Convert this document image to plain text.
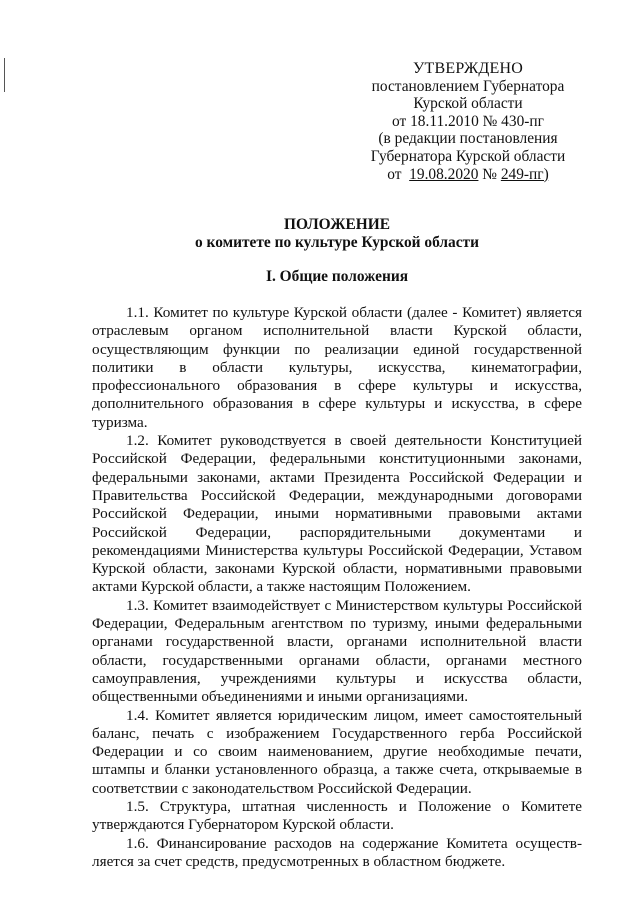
УТВЕРЖДЕНО
постановлением Губернатора
Курской области
от 18.11.2010 № 430-пг
(в редакции постановления
Губернатора Курской области
от 19.08.2020 № 249-пг)
ПОЛОЖЕНИЕ
о комитете по культуре Курской области
I. Общие положения

1.1. Комитет по культуре Курской области (далее - Комитет) является отраслевым органом исполнительной власти Курской области, осуществляющим функции по реализации единой государственной политики в области культуры, искусства, кинематографии, профессионального образования в сфере культуры и искусства, дополнительного образования в сфере культуры и искусства, в сфере туризма.

1.2. Комитет руководствуется в своей деятельности Конституцией Российской Федерации, федеральными конституционными законами, федеральными законами, актами Президента Российской Федерации и Правительства Российской Федерации, международными договорами Российской Федерации, иными нормативными правовыми актами Российской Федерации, распорядительными документами и рекомендациями Министерства культуры Российской Федерации, Уставом Курской области, законами Курской области, нормативными правовыми актами Курской области, а также настоящим Положением.

1.3. Комитет взаимодействует с Министерством культуры Российской Федерации, Федеральным агентством по туризму, иными федеральными органами государственной власти, органами исполнительной власти области, государственными органами области, органами местного самоуправления, учреждениями культуры и искусства области, общественными объединениями и иными организациями.

1.4. Комитет является юридическим лицом, имеет самостоятельный баланс, печать с изображением Государственного герба Российской Федерации и со своим наименованием, другие необходимые печати, штампы и бланки установленного образца, а также счета, открываемые в соответствии с законодательством Российской Федерации.

1.5. Структура, штатная численность и Положение о Комитете утверждаются Губернатором Курской области.

1.6. Финансирование расходов на содержание Комитета осуществляется за счет средств, предусмотренных в областном бюджете.
